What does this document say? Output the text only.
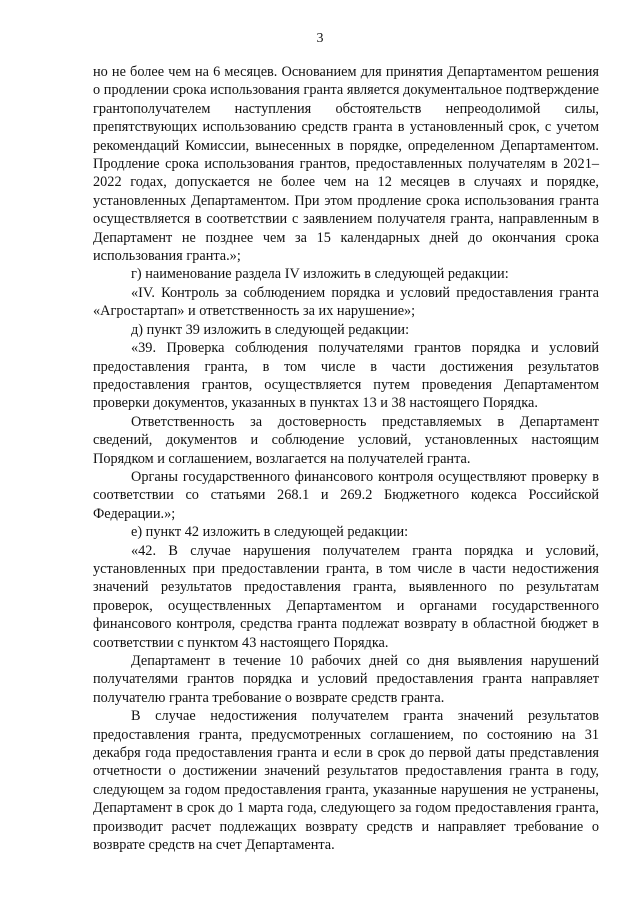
3

но не более чем на 6 месяцев. Основанием для принятия Департаментом решения о продлении срока использования гранта является документальное подтверждение грантополучателем наступления обстоятельств непреодолимой силы, препятствующих использованию средств гранта в установленный срок, с учетом рекомендаций Комиссии, вынесенных в порядке, определенном Департаментом. Продление срока использования грантов, предоставленных получателям в 2021–2022 годах, допускается не более чем на 12 месяцев в случаях и порядке, установленных Департаментом. При этом продление срока использования гранта осуществляется в соответствии с заявлением получателя гранта, направленным в Департамент не позднее чем за 15 календарных дней до окончания срока использования гранта.»;

г) наименование раздела IV изложить в следующей редакции:

«IV. Контроль за соблюдением порядка и условий предоставления гранта «Агростартап» и ответственность за их нарушение»;

д) пункт 39 изложить в следующей редакции:

«39. Проверка соблюдения получателями грантов порядка и условий предоставления гранта, в том числе в части достижения результатов предоставления грантов, осуществляется путем проведения Департаментом проверки документов, указанных в пунктах 13 и 38 настоящего Порядка.

Ответственность за достоверность представляемых в Департамент сведений, документов и соблюдение условий, установленных настоящим Порядком и соглашением, возлагается на получателей гранта.

Органы государственного финансового контроля осуществляют проверку в соответствии со статьями 268.1 и 269.2 Бюджетного кодекса Российской Федерации.»;

е) пункт 42 изложить в следующей редакции:

«42. В случае нарушения получателем гранта порядка и условий, установленных при предоставлении гранта, в том числе в части недостижения значений результатов предоставления гранта, выявленного по результатам проверок, осуществленных Департаментом и органами государственного финансового контроля, средства гранта подлежат возврату в областной бюджет в соответствии с пунктом 43 настоящего Порядка.

Департамент в течение 10 рабочих дней со дня выявления нарушений получателями грантов порядка и условий предоставления гранта направляет получателю гранта требование о возврате средств гранта.

В случае недостижения получателем гранта значений результатов предоставления гранта, предусмотренных соглашением, по состоянию на 31 декабря года предоставления гранта и если в срок до первой даты представления отчетности о достижении значений результатов предоставления гранта в году, следующем за годом предоставления гранта, указанные нарушения не устранены, Департамент в срок до 1 марта года, следующего за годом предоставления гранта, производит расчет подлежащих возврату средств и направляет требование о возврате средств на счет Департамента.
